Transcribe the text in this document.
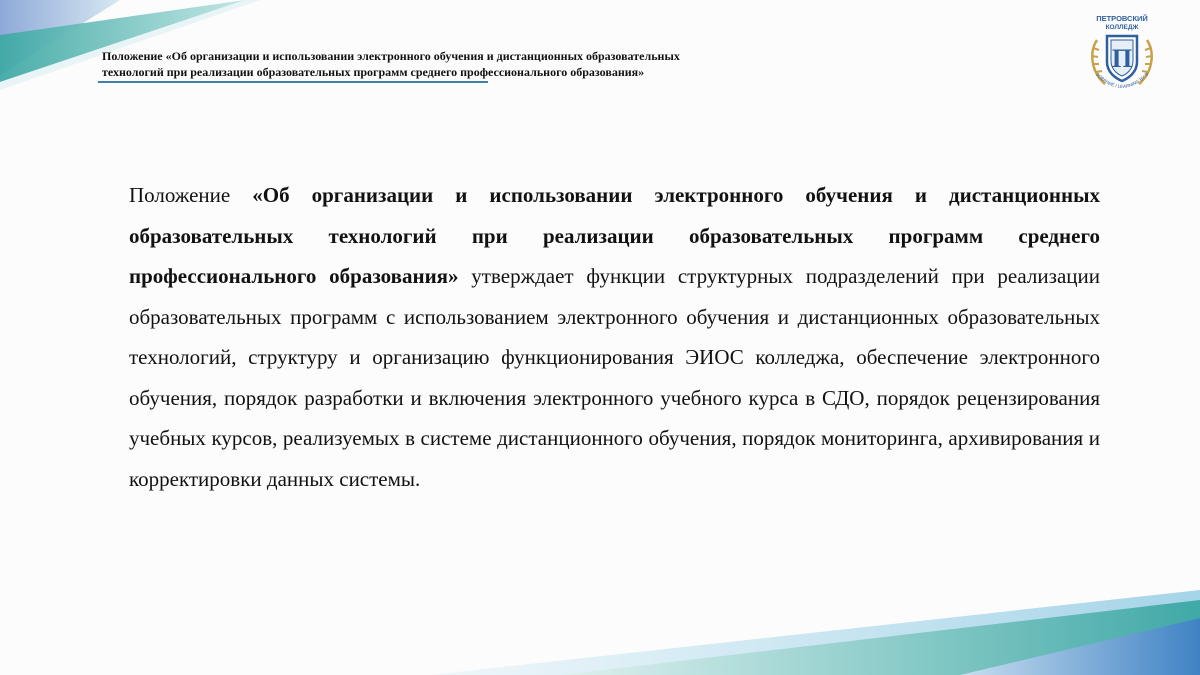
Положение «Об организации и использовании электронного обучения и дистанционных образовательных
технологий при реализации образовательных программ среднего профессионального образования»
ПЕТРОВСКИЙ
КОЛЛЕДЖ
П
ЗОВАНИЕ / LEARNING BY D
Положение «Об организации и использовании электронного обучения и дистанционных образовательных технологий при реализации образовательных программ среднего профессионального образования» утверждает функции структурных подразделений при реализации образовательных программ с использованием электронного обучения и дистанционных образовательных технологий, структуру и организацию функционирования ЭИОС колледжа, обеспечение электронного обучения, порядок разработки и включения электронного учебного курса в СДО, порядок рецензирования учебных курсов, реализуемых в системе дистанционного обучения, порядок мониторинга, архивирования и корректировки данных системы.
